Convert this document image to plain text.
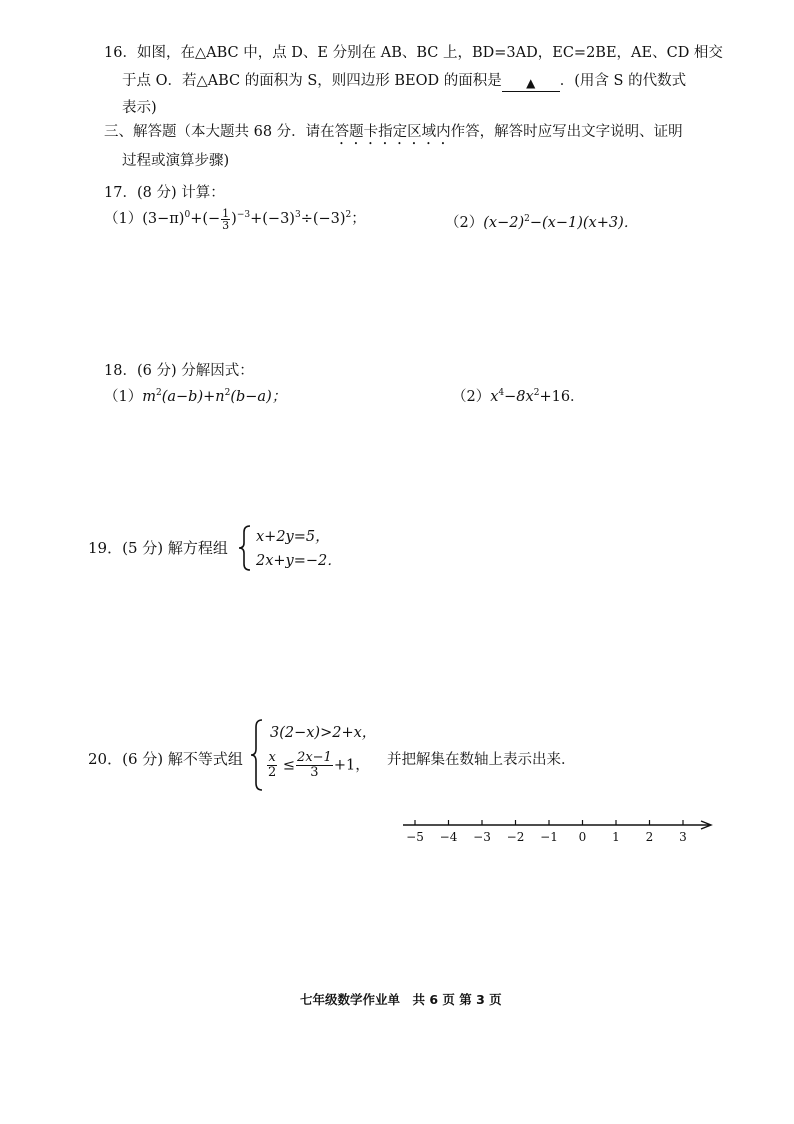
16．如图，在△ABC 中，点 D、E 分别在 AB、BC 上，BD=3AD，EC=2BE，AE、CD 相交
于点 O．若△ABC 的面积为 S，则四边形 BEOD 的面积是 ▲ ．(用含 S 的代数式
表示)
三、解答题（本大题共 68 分．请在答题卡指定区域内作答，解答时应写出文字说明、证明
过程或演算步骤)
17．(8 分) 计算：
$(1)(3-\pi)^0+(- \frac{1}{3} )^{-3}+(-3)^3\div(-3)^2$；	$(2)(x-2)^2-(x-1)(x+3)$．
18．(6 分) 分解因式：
$(1)m^2(a-b)+n^2(b-a)$；	$(2)x^4-8x^2+16$．
19．(5 分) 解方程组
x+2y=5，
2x+y=−2．
20．(6 分) 解不等式组
3(2−x)>2+x，
$\frac{x}{2} \le \frac{2x-1}{3} +1$， 并把解集在数轴上表示出来．
−5 −4 −3 −2 −1 0 1 2 3
七年级数学作业单　共 6 页 第 3 页
